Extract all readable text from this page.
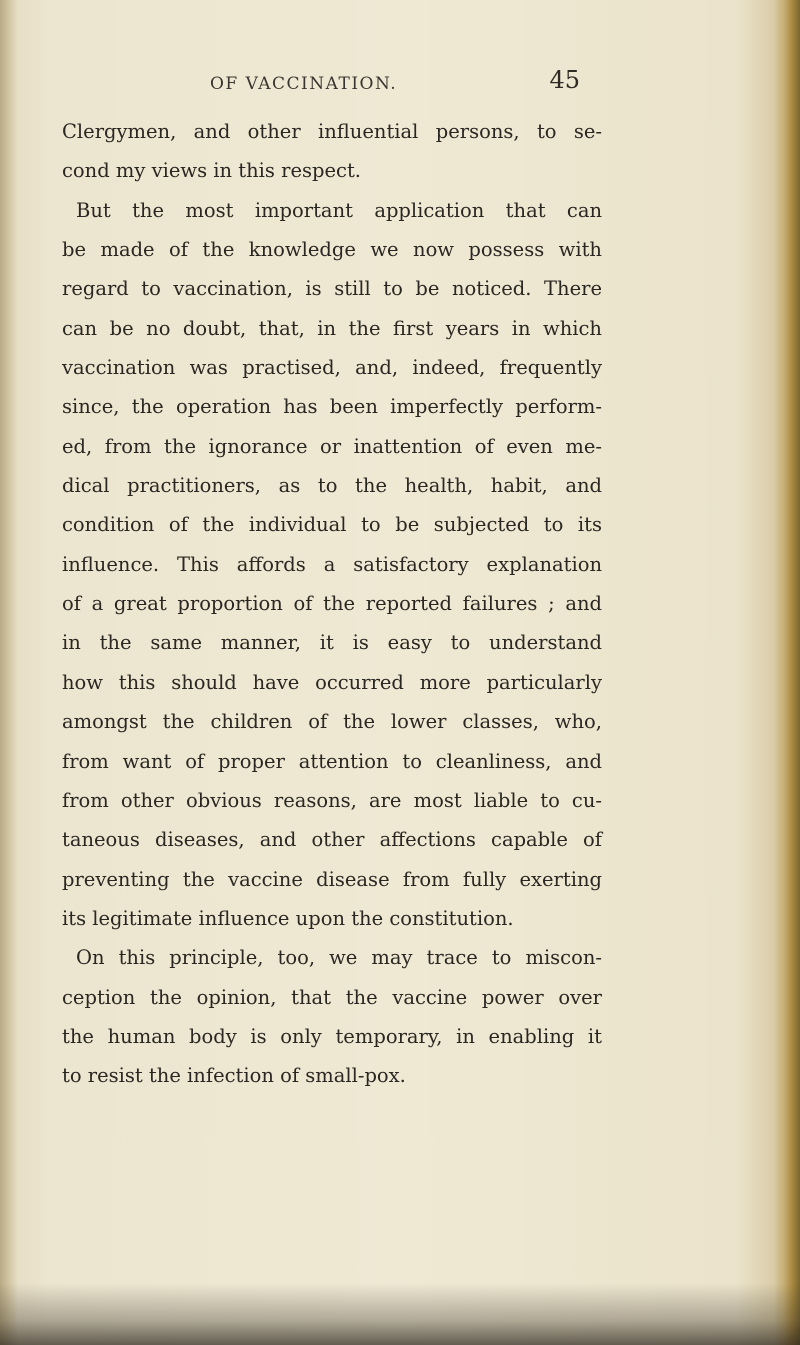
OF VACCINATION.	45
Clergymen, and other influential persons, to se-
cond my views in this respect.
But the most important application that can
be made of the knowledge we now possess with
regard to vaccination, is still to be noticed. There
can be no doubt, that, in the first years in which
vaccination was practised, and, indeed, frequently
since, the operation has been imperfectly perform-
ed, from the ignorance or inattention of even me-
dical practitioners, as to the health, habit, and
condition of the individual to be subjected to its
influence. This affords a satisfactory explanation
of a great proportion of the reported failures ; and
in the same manner, it is easy to understand
how this should have occurred more particularly
amongst the children of the lower classes, who,
from want of proper attention to cleanliness, and
from other obvious reasons, are most liable to cu-
taneous diseases, and other affections capable of
preventing the vaccine disease from fully exerting
its legitimate influence upon the constitution.
On this principle, too, we may trace to miscon-
ception the opinion, that the vaccine power over
the human body is only temporary, in enabling it
to resist the infection of small-pox.
